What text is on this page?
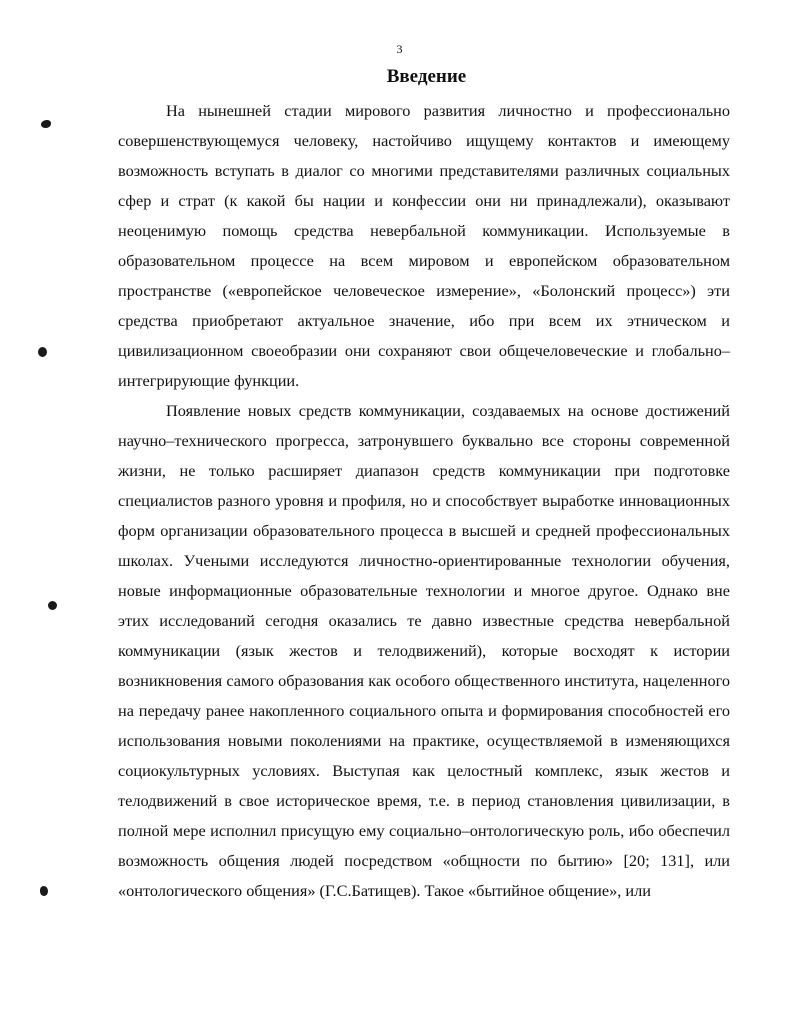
3
Введение

На нынешней стадии мирового развития личностно и профессионально совершенствующемуся человеку, настойчиво ищущему контактов и имеющему возможность вступать в диалог со многими представителями различных социальных сфер и страт (к какой бы нации и конфессии они ни принадлежали), оказывают неоценимую помощь средства невербальной коммуникации. Используемые в образовательном процессе на всем мировом и европейском образовательном пространстве («европейское человеческое измерение», «Болонский процесс») эти средства приобретают актуальное значение, ибо при всем их этническом и цивилизационном своеобразии они сохраняют свои общечеловеческие и глобально–интегрирующие функции.

Появление новых средств коммуникации, создаваемых на основе достижений научно–технического прогресса, затронувшего буквально все стороны современной жизни, не только расширяет диапазон средств коммуникации при подготовке специалистов разного уровня и профиля, но и способствует выработке инновационных форм организации образовательного процесса в высшей и средней профессиональных школах. Учеными исследуются личностно-ориентированные технологии обучения, новые информационные образовательные технологии и многое другое. Однако вне этих исследований сегодня оказались те давно известные средства невербальной коммуникации (язык жестов и телодвижений), которые восходят к истории возникновения самого образования как особого общественного института, нацеленного на передачу ранее накопленного социального опыта и формирования способностей его использования новыми поколениями на практике, осуществляемой в изменяющихся социокультурных условиях. Выступая как целостный комплекс, язык жестов и телодвижений в свое историческое время, т.е. в период становления цивилизации, в полной мере исполнил присущую ему социально–онтологическую роль, ибо обеспечил возможность общения людей посредством «общности по бытию» [20; 131], или «онтологического общения» (Г.С.Батищев). Такое «бытийное общение», или
